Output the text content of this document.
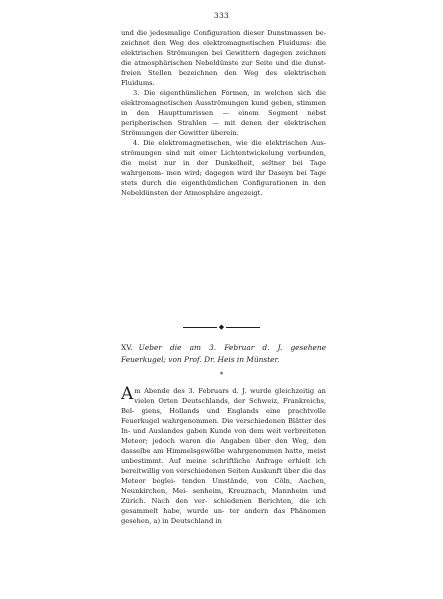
333

und die jedesmalige Configuration dieser Dunstmassen be- zeichnet den Weg des elektromagnetischen Fluidums: die elektrischen Strömungen bei Gewittern dagegen zeichnen die atmosphärischen Nebeldünste zur Seite und die dunst- freien Stellen bezeichnen den Weg des elektrischen Fluidums.

3. Die eigenthümlichen Formen, in welchen sich die elektromagnetischen Ausströmungen kund geben, stimmen in den Haupttumrissen — einem Segment nebst peripherischen Strahlen — mit denen der elektrischen Strömungen der Gewitter überein.

4. Die elektromagnetischen, wie die elektrischen Aus- strömungen sind mit einer Lichtentwickelung verbunden, die meist nur in der Dunkelheit, seltner bei Tage wahrgenom- men wird; dagegen wird ihr Daseyn bei Tage stets durch die eigenthümlichen Configurationen in den Nebeldünsten der Atmosphäre angezeigt.

◆
XV. Ueber die am 3. Februar d. J. gesehene Feuerkugel; von Prof. Dr. Heis in Münster.
*

Am Abende des 3. Februars d. J. wurde gleichzeitig an vielen Orten Deutschlands, der Schweiz, Frankreichs, Bel- giens, Hollands und Englands eine prachtvolle Feuerkugel wahrgenommen. Die verschiedenen Blätter des In- und Auslandes gaben Kunde von dem weit verbreiteten Meteor; jedoch waren die Angaben über den Weg, den dasselbe am Himmelsgewölbe wahrgenommen hatte, meist unbestimmt. Auf meine schriftliche Anfrage erhielt ich bereitwillig von verschiedenen Seiten Auskunft über die das Meteor beglei- tenden Umstände, von Cöln, Aachen, Neunkirchen, Mei- senheim, Kreuznach, Mannheim und Zürich. Nach den ver- schiedenen Berichten, die ich gesammelt habe, wurde un- ter andern das Phänomen gesehen, a) in Deutschland in
